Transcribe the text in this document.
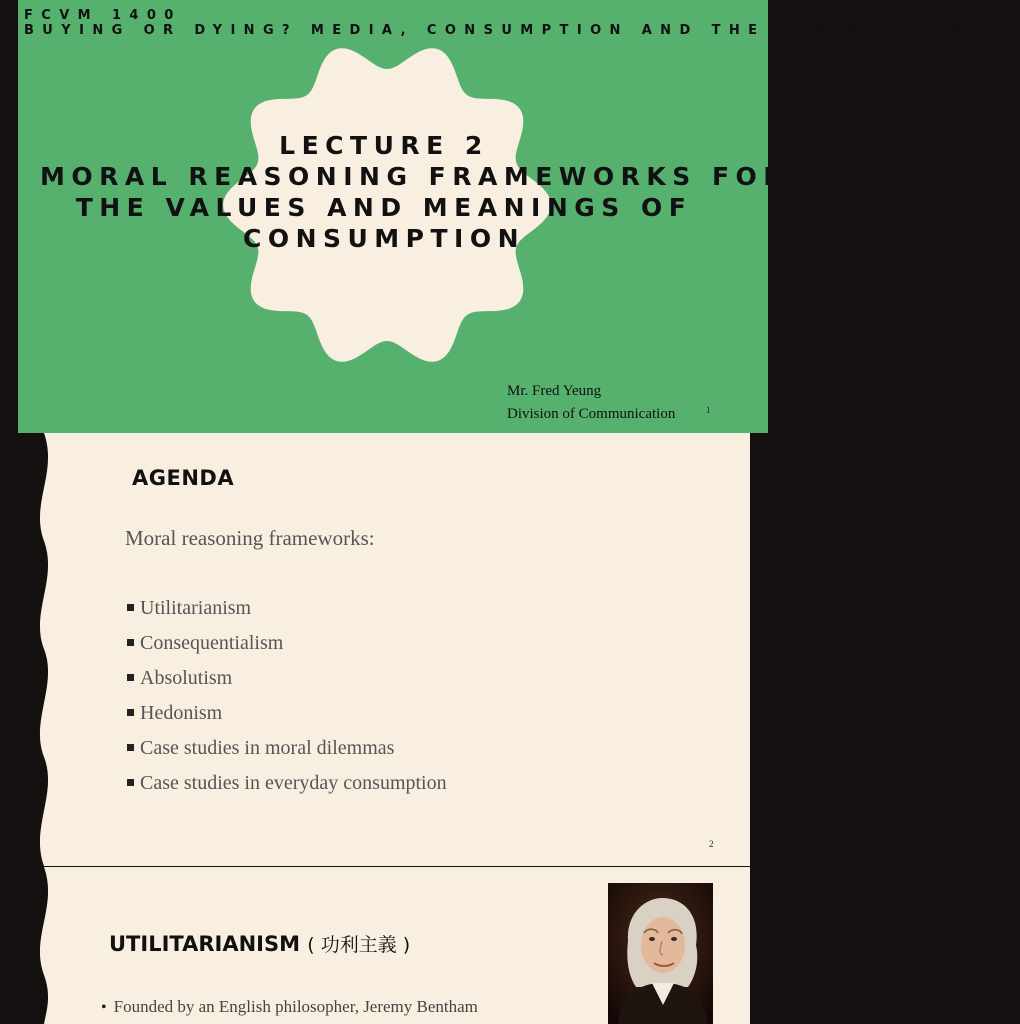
FCVM 1400
BUYING OR DYING? MEDIA, CONSUMPTION AND THE MAKING OF SELF
LECTURE 2
MORAL REASONING FRAMEWORKS FOR
THE VALUES AND MEANINGS OF
CONSUMPTION
Mr. Fred Yeung
Division of Communication	1
AGENDA
Moral reasoning frameworks:
Utilitarianism
Consequentialism
Absolutism
Hedonism
Case studies in moral dilemmas
Case studies in everyday consumption
2
UTILITARIANISM ( 功利主義 )
• Founded by an English philosopher, Jeremy Bentham
